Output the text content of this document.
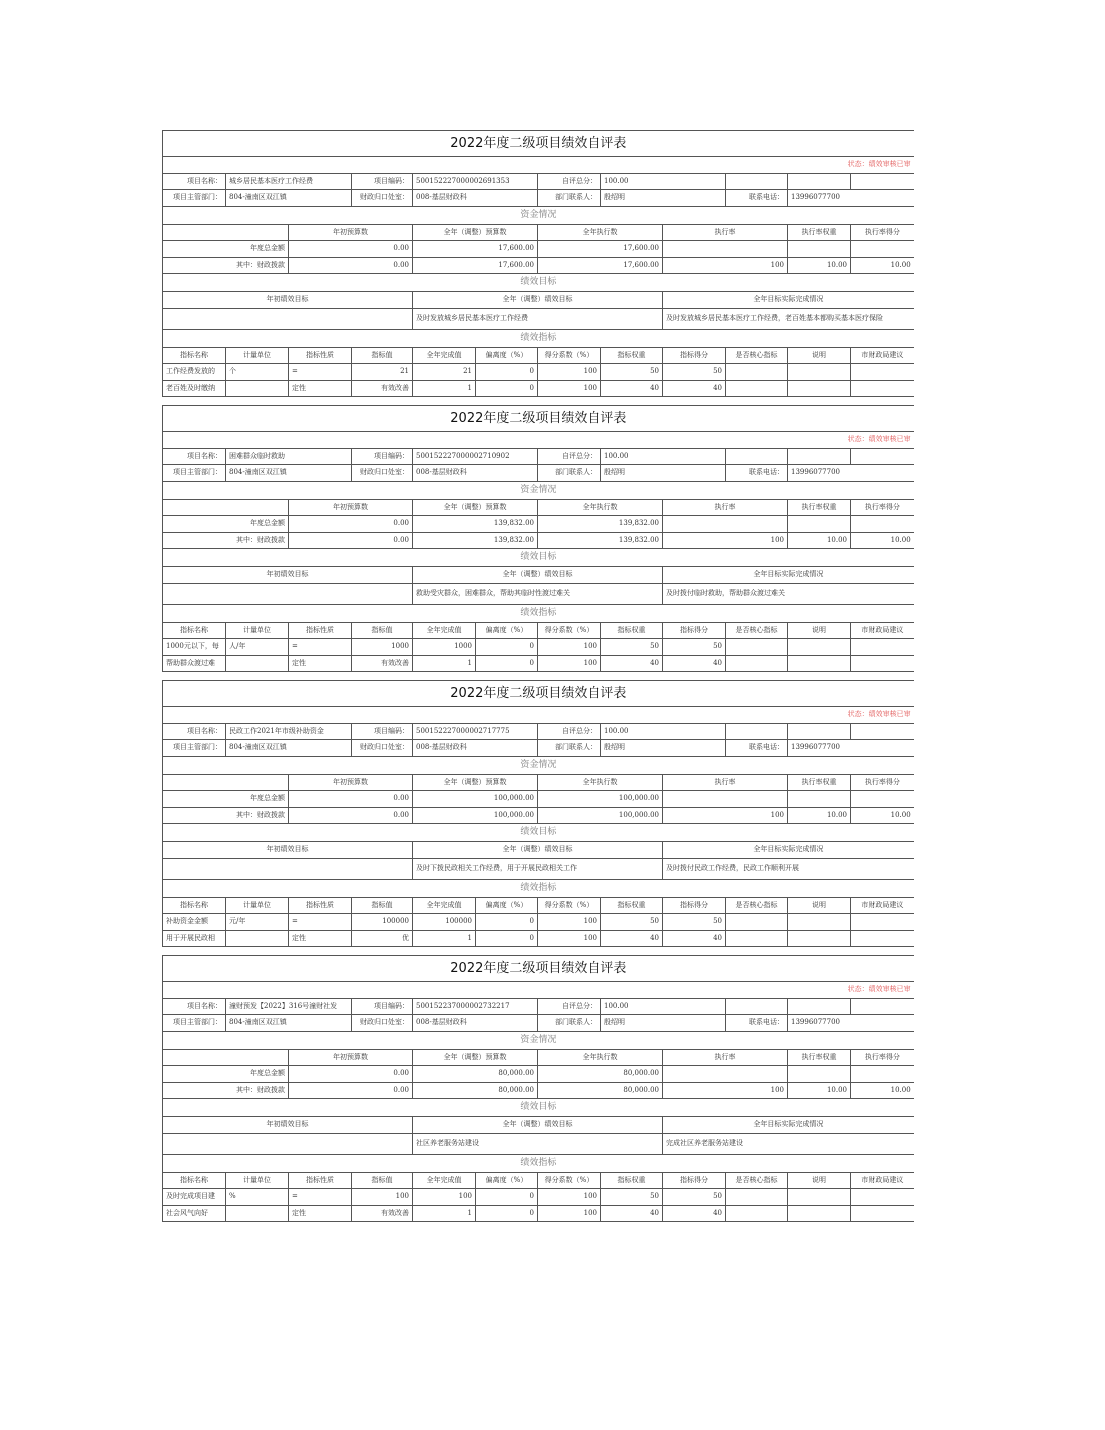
2022年度二级项目绩效自评表											
状态：绩效审核已审											
项目名称：	城乡居民基本医疗工作经费		项目编码：	500152227000002691353		自评总分：	100.00				
项目主管部门：	804-潼南区双江镇		财政归口处室：	008-基层财政科		部门联系人：	殷绍明		联系电话：	13996077700	
资金情况											
		年初预算数		全年（调整）预算数		全年执行数		执行率		执行率权重	执行率得分
年度总金额		0.00		17,600.00		17,600.00					
其中：财政拨款		0.00		17,600.00		17,600.00		100		10.00	10.00
绩效目标											
年初绩效目标				全年（调整）绩效目标				全年目标实际完成情况			
				及时发放城乡居民基本医疗工作经费				及时发放城乡居民基本医疗工作经费，老百姓基本都购买基本医疗保险			
绩效指标											
指标名称	计量单位	指标性质	指标值	全年完成值	偏离度（%）	得分系数（%）	指标权重	指标得分	是否核心指标	说明	市财政局建议
工作经费发放的	个	=	21	21	0	100	50	50			
老百姓及时缴纳		定性	有效改善	1	0	100	40	40			
2022年度二级项目绩效自评表											
状态：绩效审核已审											
项目名称：	困难群众临时救助		项目编码：	500152227000002710902		自评总分：	100.00				
项目主管部门：	804-潼南区双江镇		财政归口处室：	008-基层财政科		部门联系人：	殷绍明		联系电话：	13996077700	
资金情况											
		年初预算数		全年（调整）预算数		全年执行数		执行率		执行率权重	执行率得分
年度总金额		0.00		139,832.00		139,832.00					
其中：财政拨款		0.00		139,832.00		139,832.00		100		10.00	10.00
绩效目标											
年初绩效目标				全年（调整）绩效目标				全年目标实际完成情况			
				救助受灾群众，困难群众，帮助其临时性渡过难关				及时拨付临时救助，帮助群众渡过难关			
绩效指标											
指标名称	计量单位	指标性质	指标值	全年完成值	偏离度（%）	得分系数（%）	指标权重	指标得分	是否核心指标	说明	市财政局建议
1000元以下，每	人/年	=	1000	1000	0	100	50	50			
帮助群众渡过难		定性	有效改善	1	0	100	40	40			
2022年度二级项目绩效自评表											
状态：绩效审核已审											
项目名称：	民政工作2021年市级补助资金		项目编码：	500152227000002717775		自评总分：	100.00				
项目主管部门：	804-潼南区双江镇		财政归口处室：	008-基层财政科		部门联系人：	殷绍明		联系电话：	13996077700	
资金情况											
		年初预算数		全年（调整）预算数		全年执行数		执行率		执行率权重	执行率得分
年度总金额		0.00		100,000.00		100,000.00					
其中：财政拨款		0.00		100,000.00		100,000.00		100		10.00	10.00
绩效目标											
年初绩效目标				全年（调整）绩效目标				全年目标实际完成情况			
				及时下拨民政相关工作经费，用于开展民政相关工作				及时拨付民政工作经费，民政工作顺利开展			
绩效指标											
指标名称	计量单位	指标性质	指标值	全年完成值	偏离度（%）	得分系数（%）	指标权重	指标得分	是否核心指标	说明	市财政局建议
补助资金金额	元/年	=	100000	100000	0	100	50	50			
用于开展民政相		定性	优	1	0	100	40	40			
2022年度二级项目绩效自评表											
状态：绩效审核已审											
项目名称：	潼财预发【2022】316号潼财社发		项目编码：	500152237000002732217		自评总分：	100.00				
项目主管部门：	804-潼南区双江镇		财政归口处室：	008-基层财政科		部门联系人：	殷绍明		联系电话：	13996077700	
资金情况											
		年初预算数		全年（调整）预算数		全年执行数		执行率		执行率权重	执行率得分
年度总金额		0.00		80,000.00		80,000.00					
其中：财政拨款		0.00		80,000.00		80,000.00		100		10.00	10.00
绩效目标											
年初绩效目标				全年（调整）绩效目标				全年目标实际完成情况			
				社区养老服务站建设				完成社区养老服务站建设			
绩效指标											
指标名称	计量单位	指标性质	指标值	全年完成值	偏离度（%）	得分系数（%）	指标权重	指标得分	是否核心指标	说明	市财政局建议
及时完成项目建	%	=	100	100	0	100	50	50			
社会风气向好		定性	有效改善	1	0	100	40	40			
